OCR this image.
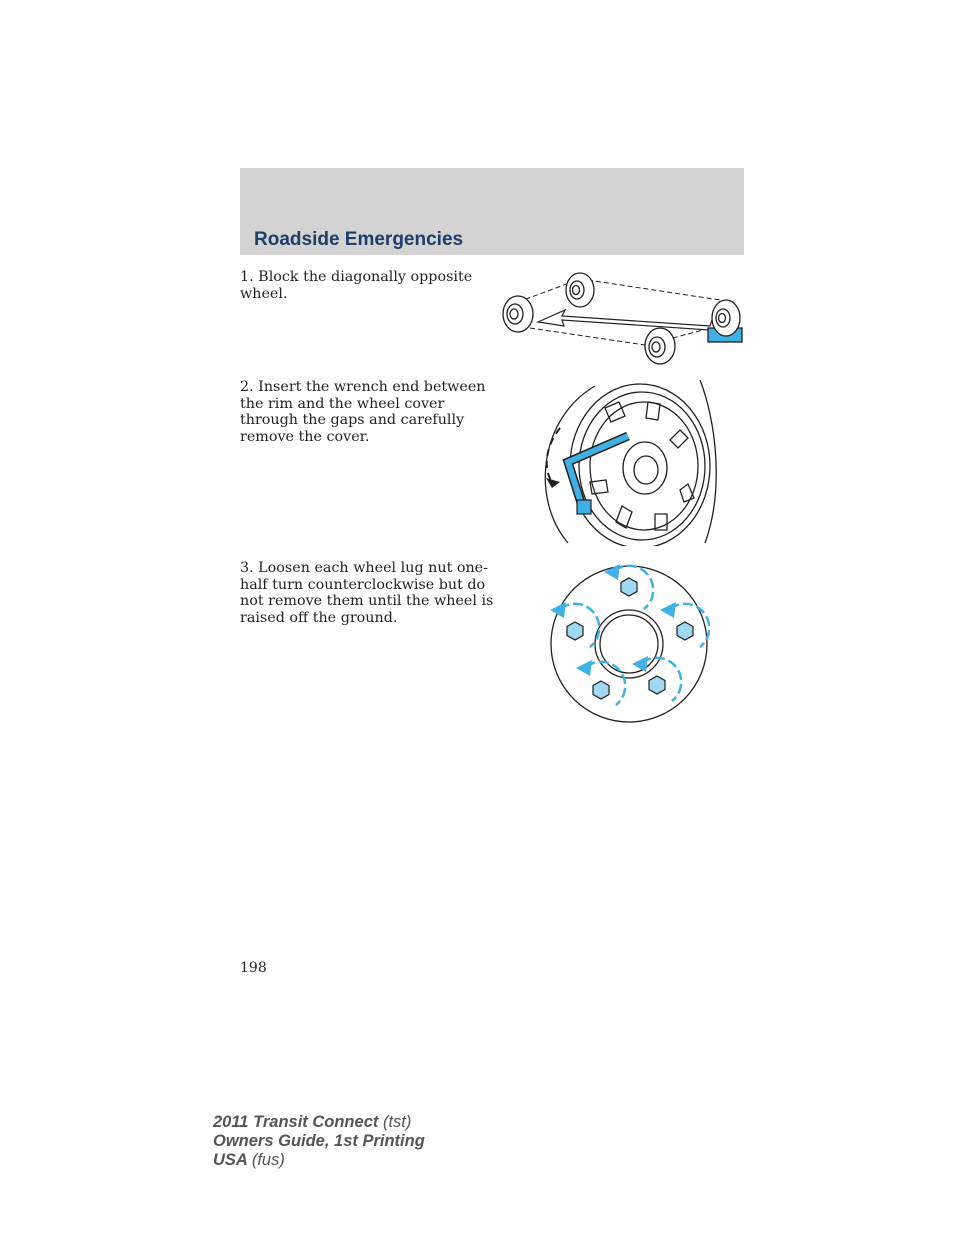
Roadside Emergencies
1. Block the diagonally opposite wheel.
2. Insert the wrench end between the rim and the wheel cover through the gaps and carefully remove the cover.
3. Loosen each wheel lug nut one-half turn counterclockwise but do not remove them until the wheel is raised off the ground.
198
2011 Transit Connect (tst)
Owners Guide, 1st Printing
USA (fus)
